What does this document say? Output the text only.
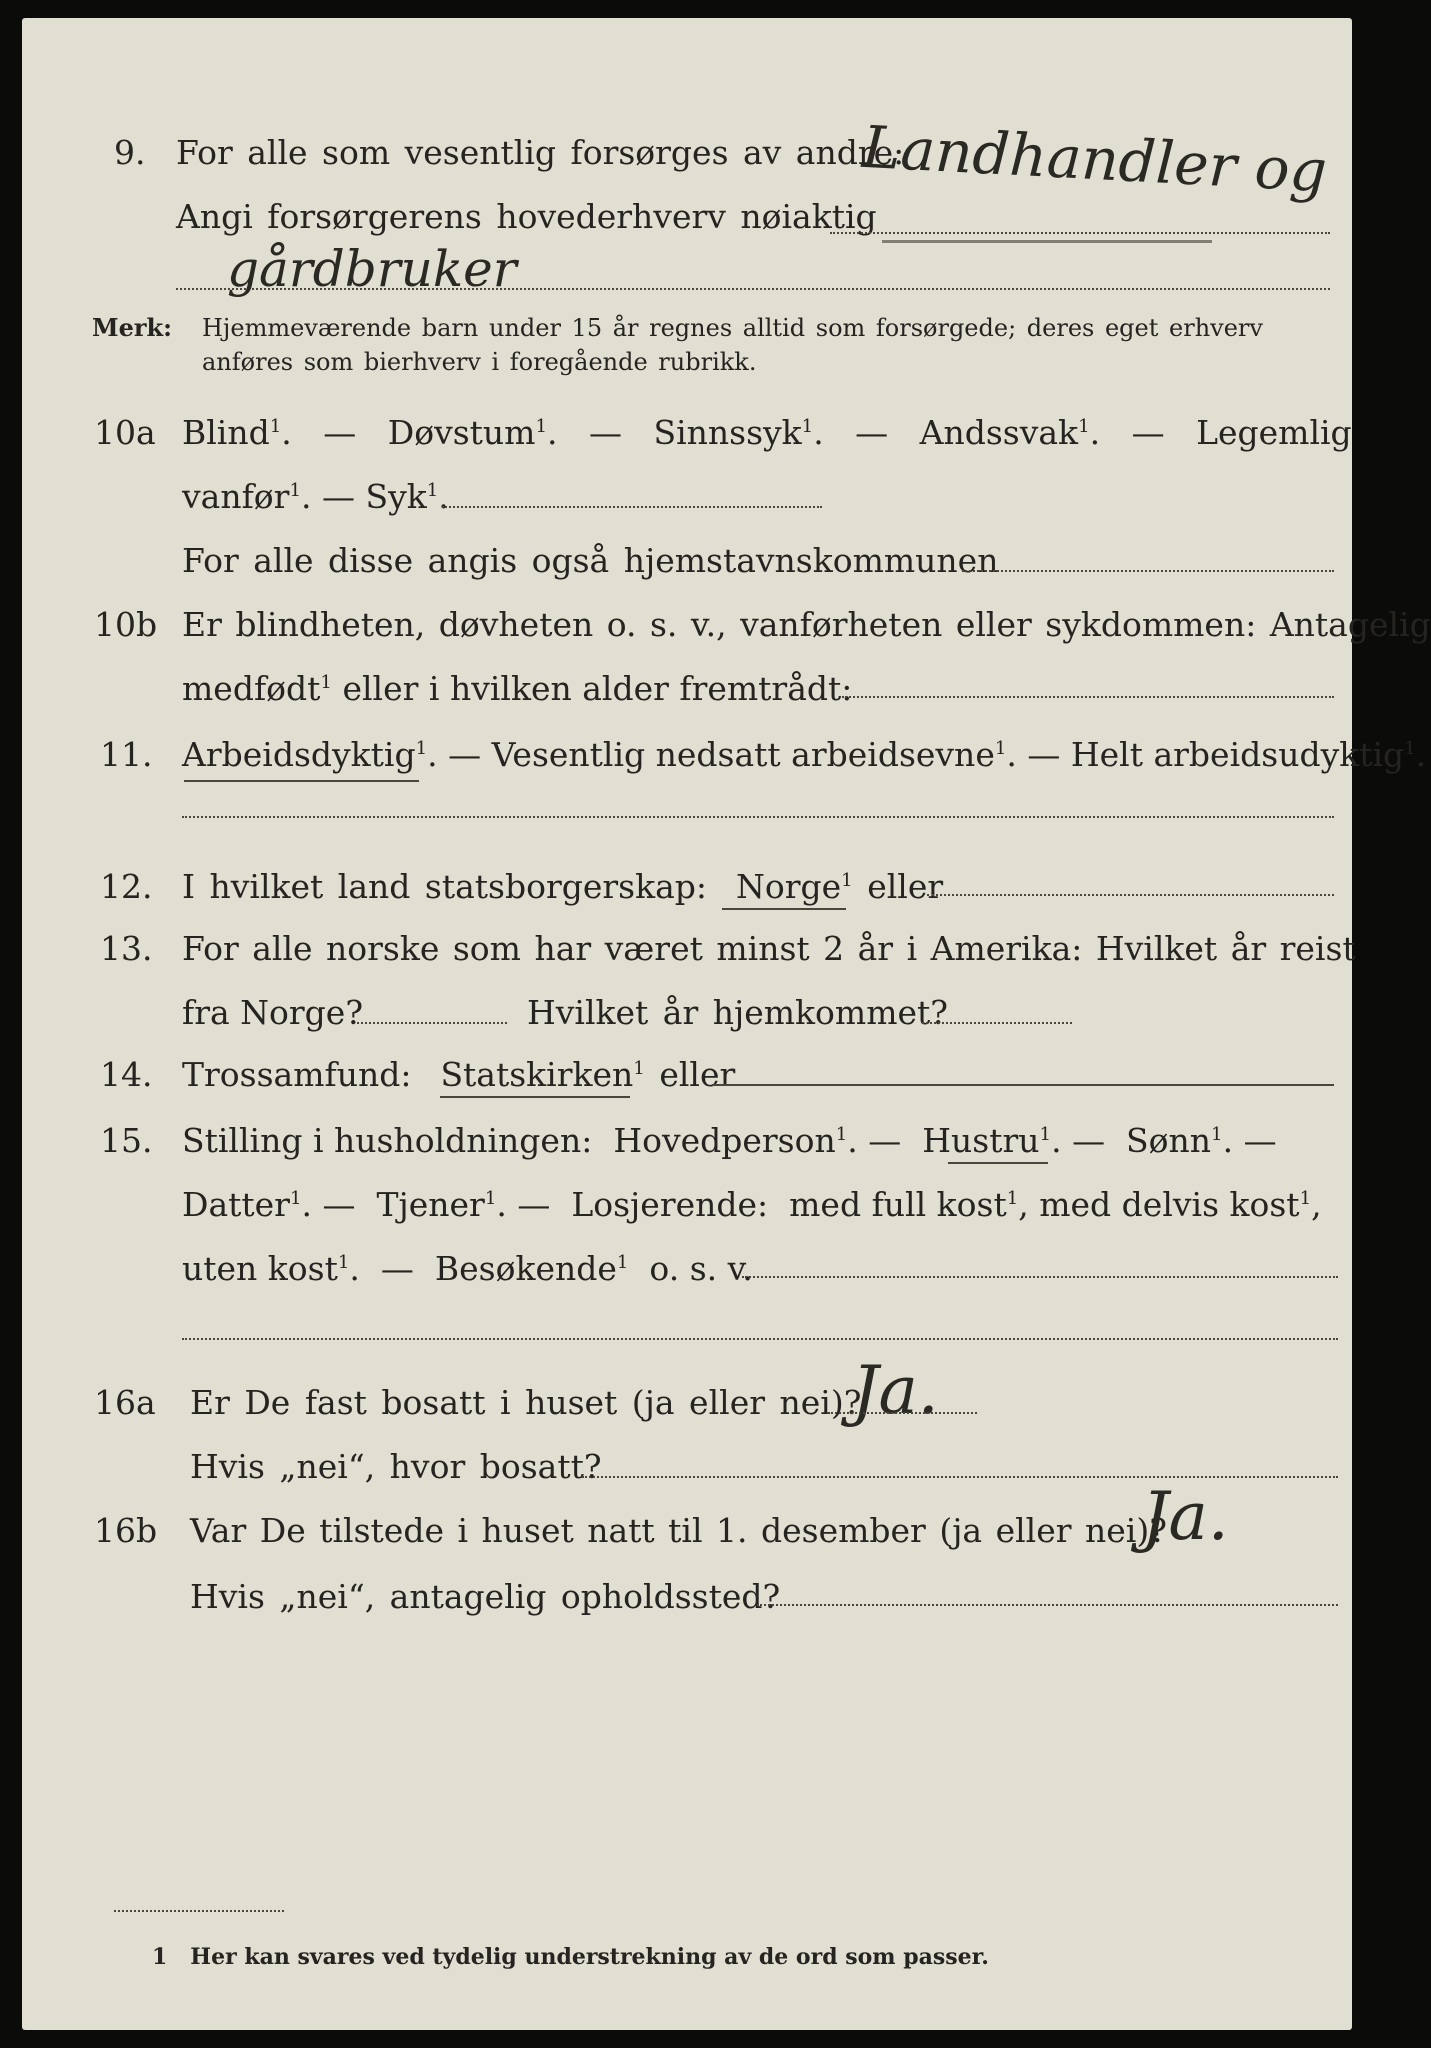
9. For alle som vesentlig forsørges av andre:
Angi forsørgerens hovederhverv nøiaktig
Landhandler og
gårdbruker
Merk: Hjemmeværende barn under 15 år regnes alltid som forsørgede; deres eget erhverv
anføres som bierhverv i foregående rubrikk.
10a Blind$^1$.   — Døvstum$^1$.   — Sinnssyk$^1$.   — Andssvak$^1$.   — Legemlig
vanfør$^1$. — Syk$^1$.
For alle disse angis også hjemstavnskommunen
10b Er blindheten, døvheten o. s. v., vanførheten eller sykdommen: Antagelig
medfødt$^1$ eller i hvilken alder fremtrådt:
11. Arbeidsdyktig$^1$. — Vesentlig nedsatt arbeidsevne$^1$. — Helt arbeidsudyktig$^1$.
12. I hvilket land statsborgerskap: Norge$^1$ eller
13. For alle norske som har været minst 2 år i Amerika: Hvilket år reist
fra Norge?	Hvilket år hjemkommet?
14. Trossamfund: Statskirken$^1$ eller
15. Stilling i husholdningen: Hovedperson$^1$. — Hustru$^1$. — Sønn$^1$. —
Datter$^1$. — Tjener$^1$. — Losjerende: med full kost$^1$, med delvis kost$^1$,
uten kost$^1$.  — Besøkende$^1$ o. s. v.
16a Er De fast bosatt i huset (ja eller nei)?
Ja.
Hvis „nei“, hvor bosatt?
16b Var De tilstede i huset natt til 1. desember (ja eller nei)?
Ja.
Hvis „nei“, antagelig opholdssted?
1 Her kan svares ved tydelig understrekning av de ord som passer.
